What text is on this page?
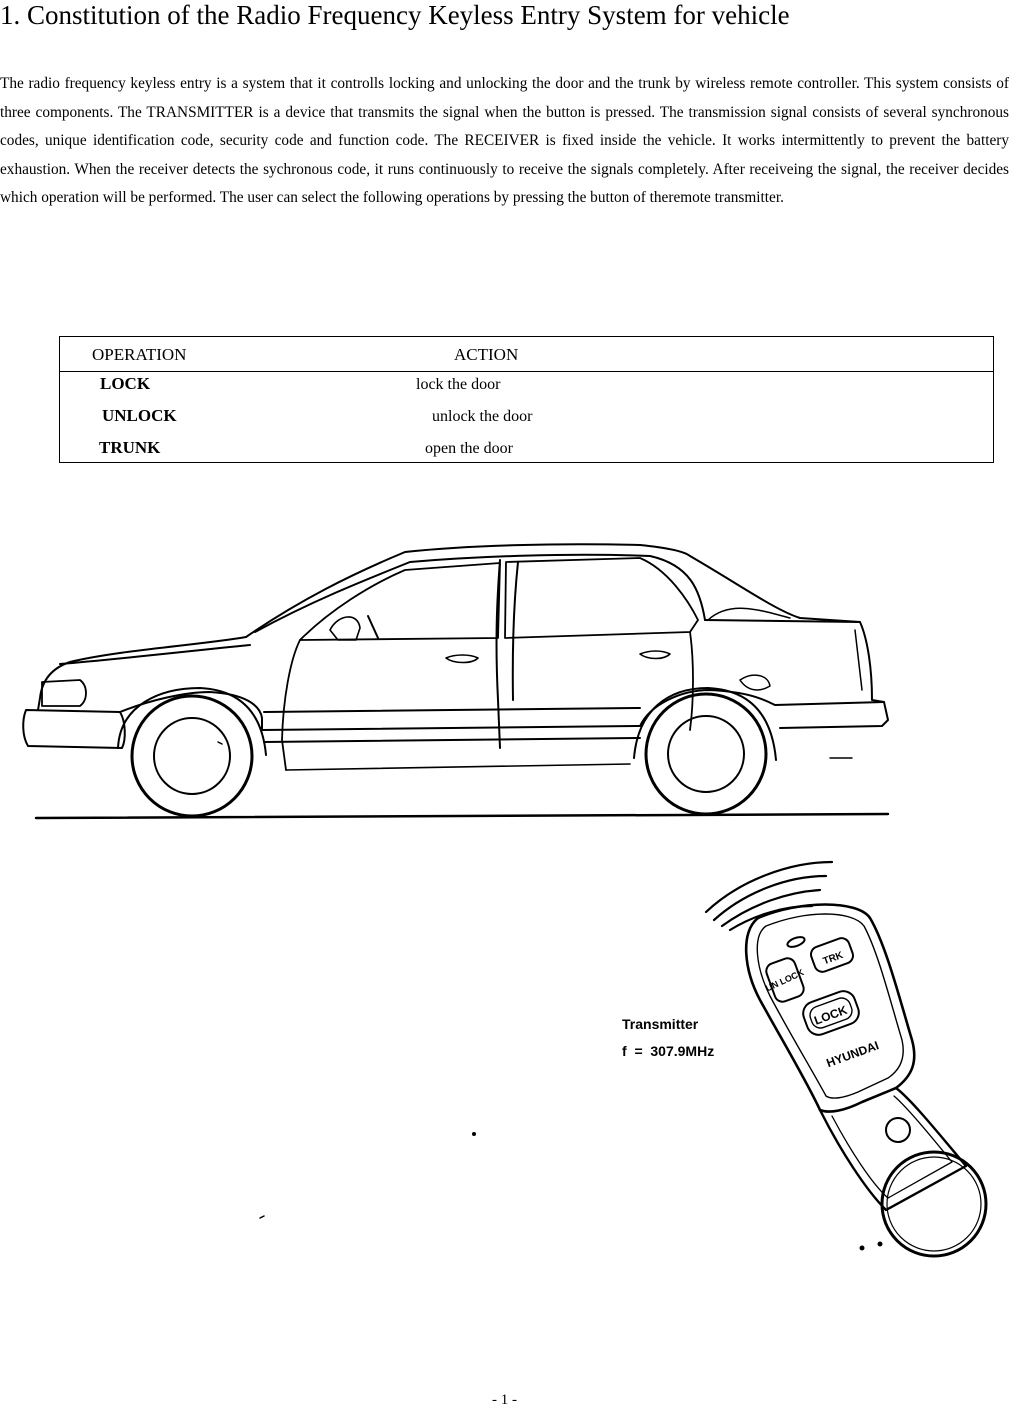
1. Constitution of the Radio Frequency Keyless Entry System for vehicle
The radio frequency keyless entry is a system that it controlls locking and unlocking the door and the trunk by wireless remote controller. This system consists of three components. The TRANSMITTER is a device that transmits the signal when the button is pressed. The transmission signal consists of several synchronous codes, unique identification code, security code and function code. The RECEIVER is fixed inside the vehicle. It works intermittently to prevent the battery exhaustion. When the receiver detects the sychronous code, it runs continuously to receive the signals completely. After receiveing the signal, the receiver decides which operation will be performed. The user can select the following operations by pressing the button of theremote transmitter.
OPERATION	ACTION
LOCK	lock the door
UNLOCK	unlock the door
TRUNK	open the door
UN LOCK
TRK
LOCK
HYUNDAI
Transmitter
f  =  307.9MHz
- 1 -
